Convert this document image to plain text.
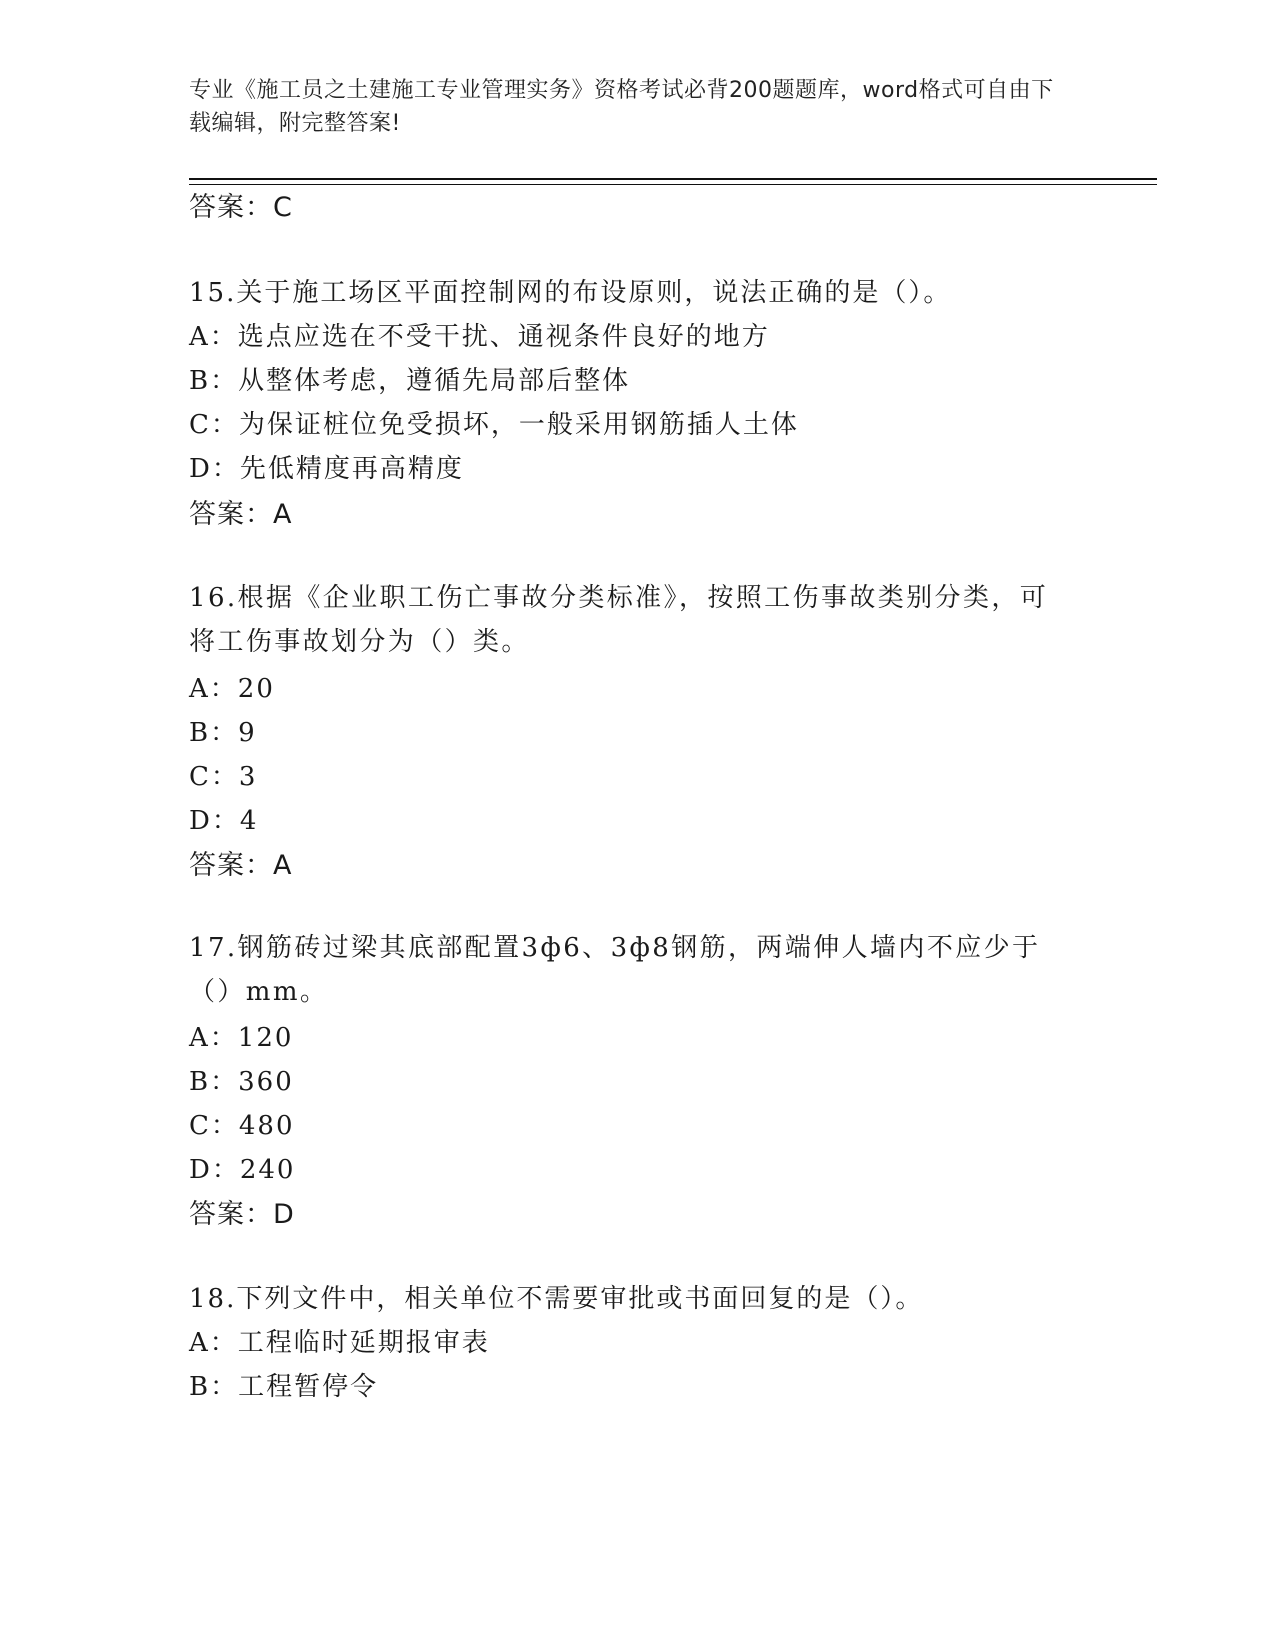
专业《施工员之土建施工专业管理实务》资格考试必背200题题库，word格式可自由下载编辑，附完整答案!
答案：C
15.关于施工场区平面控制网的布设原则，说法正确的是（）。
A：选点应选在不受干扰、通视条件良好的地方
B：从整体考虑，遵循先局部后整体
C：为保证桩位免受损坏，一般采用钢筋插人土体
D：先低精度再高精度
答案：A
16.根据《企业职工伤亡事故分类标准》，按照工伤事故类别分类，可将工伤事故划分为（）类。
A：20
B：9
C：3
D：4
答案：A
17.钢筋砖过梁其底部配置3ф6、3ф8钢筋，两端伸人墙内不应少于（）mm。
A：120
B：360
C：480
D：240
答案：D
18.下列文件中，相关单位不需要审批或书面回复的是（）。
A：工程临时延期报审表
B：工程暂停令
